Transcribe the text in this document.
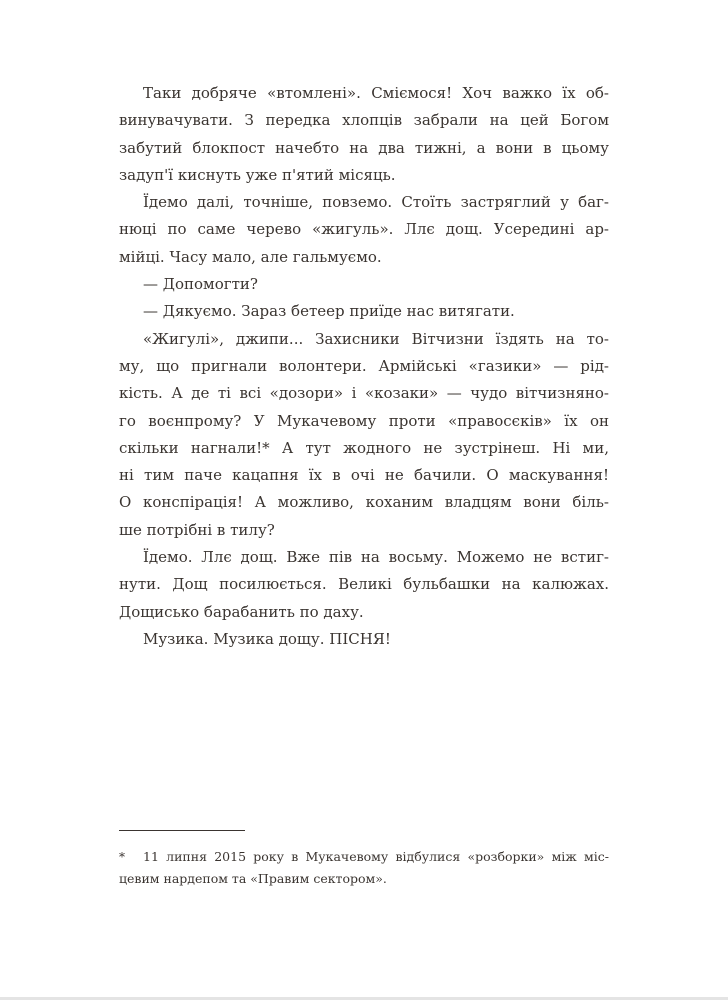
Таки добряче «втомлені». Сміємося! Хоч важко їх об-
винувачувати. З передка хлопців забрали на цей Богом
забутий блокпост начебто на два тижні, а вони в цьому
задуп'ї киснуть уже п'ятий місяць.

Їдемо далі, точніше, повземо. Стоїть застряглий у баг-
нюці по саме черево «жигуль». Ллє дощ. Усередині ар-
мійці. Часу мало, але гальмуємо.

— Допомогти?

— Дякуємо. Зараз бетеер приїде нас витягати.

«Жигулі», джипи... Захисники Вітчизни їздять на то-
му, що пригнали волонтери. Армійські «газики» — рід-
кість. А де ті всі «дозори» і «козаки» — чудо вітчизняно-
го воєнпрому? У Мукачевому проти «правосєків» їх он
скільки нагнали!* А тут жодного не зустрінеш. Ні ми,
ні тим паче кацапня їх в очі не бачили. О маскування!
О конспірація! А можливо, коханим владцям вони біль-
ше потрібні в тилу?

Їдемо. Ллє дощ. Вже пів на восьму. Можемо не встиг-
нути. Дощ посилюється. Великі бульбашки на калюжах.
Дощисько барабанить по даху.

Музика. Музика дощу. ПІСНЯ!

*	11 липня 2015 року в Мукачевому відбулися «розборки» між міс-
цевим нардепом та «Правим сектором».
